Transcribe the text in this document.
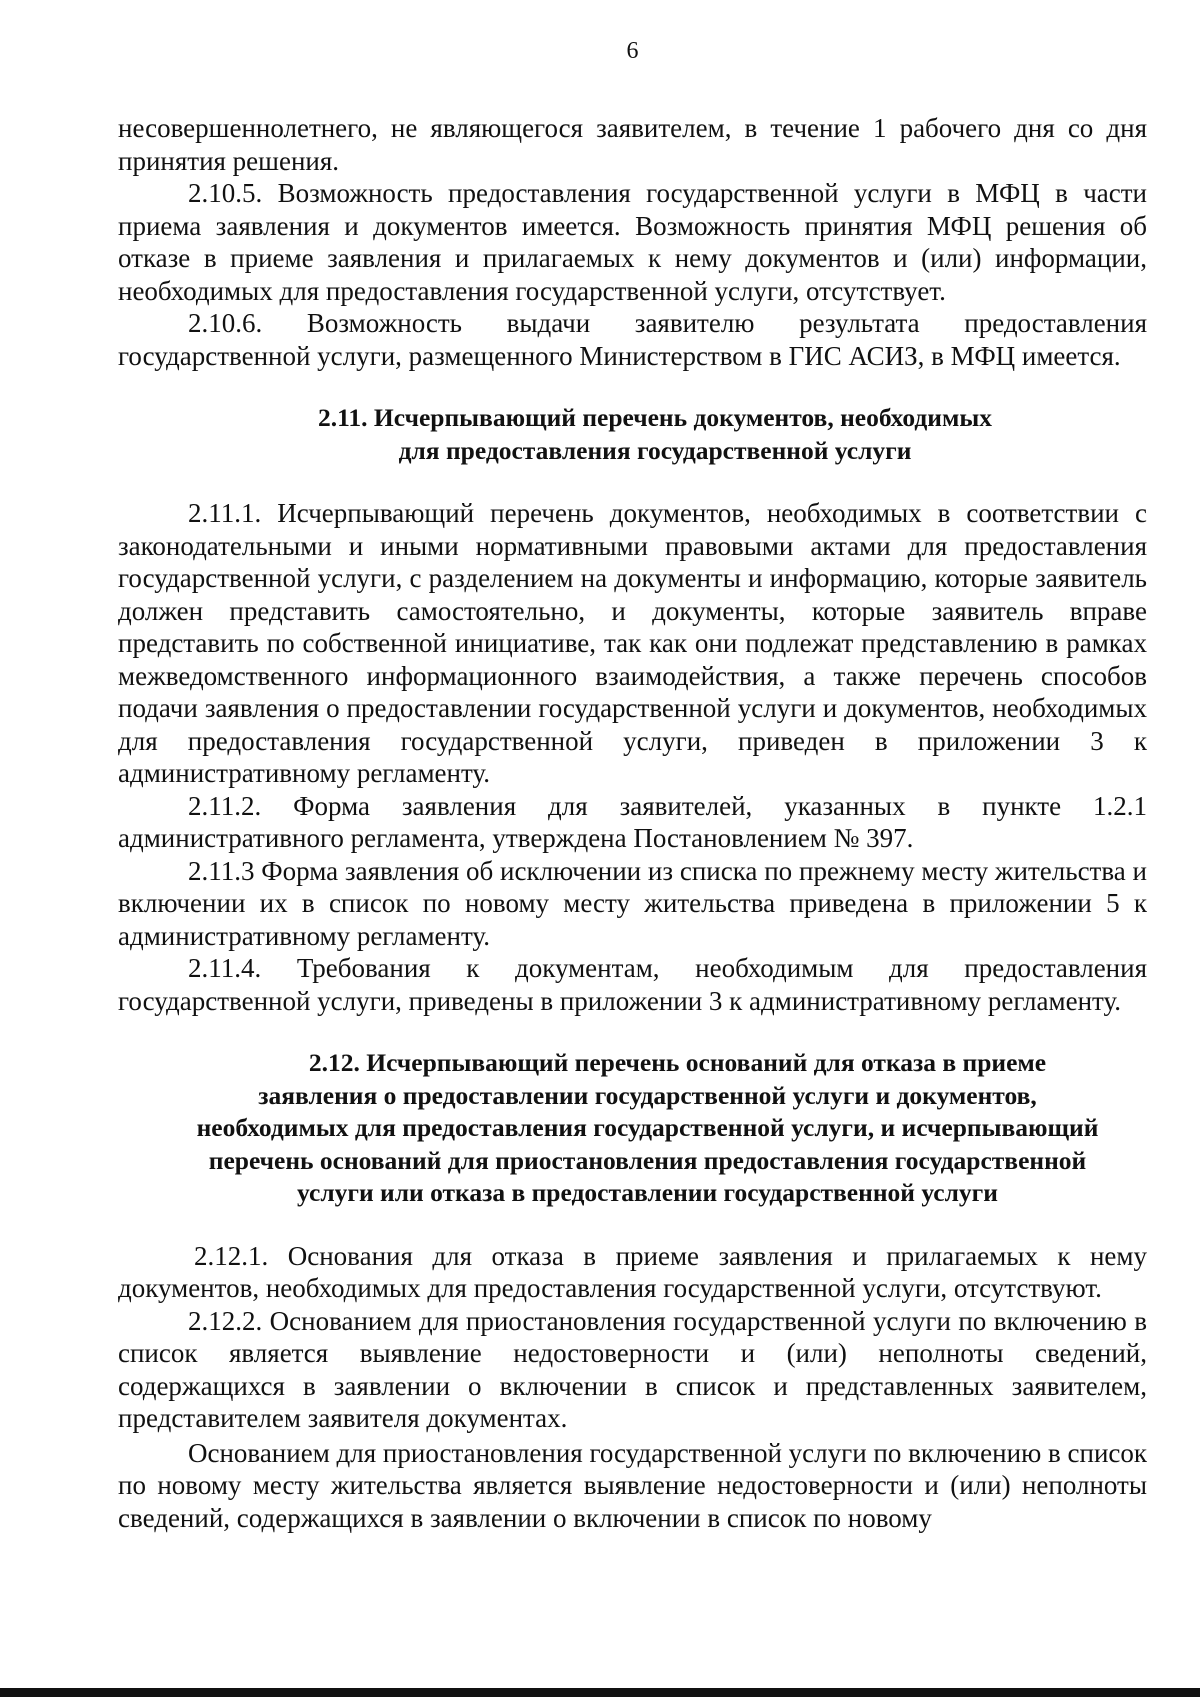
6

несовершеннолетнего, не являющегося заявителем, в течение 1 рабочего дня со дня принятия решения.

2.10.5. Возможность предоставления государственной услуги в МФЦ в части приема заявления и документов имеется. Возможность принятия МФЦ решения об отказе в приеме заявления и прилагаемых к нему документов и (или) информации, необходимых для предоставления государственной услуги, отсутствует.

2.10.6. Возможность выдачи заявителю результата предоставления государственной услуги, размещенного Министерством в ГИС АСИЗ, в МФЦ имеется.

2.11. Исчерпывающий перечень документов, необходимых
для предоставления государственной услуги

2.11.1. Исчерпывающий перечень документов, необходимых в соответствии с законодательными и иными нормативными правовыми актами для предоставления государственной услуги, с разделением на документы и информацию, которые заявитель должен представить самостоятельно, и документы, которые заявитель вправе представить по собственной инициативе, так как они подлежат представлению в рамках межведомственного информационного взаимодействия, а также перечень способов подачи заявления о предоставлении государственной услуги и документов, необходимых для предоставления государственной услуги, приведен в приложении 3 к административному регламенту.

2.11.2. Форма заявления для заявителей, указанных в пункте 1.2.1 административного регламента, утверждена Постановлением № 397.

2.11.3 Форма заявления об исключении из списка по прежнему месту жительства и включении их в список по новому месту жительства приведена в приложении 5 к административному регламенту.

2.11.4. Требования к документам, необходимым для предоставления государственной услуги, приведены в приложении 3 к административному регламенту.

2.12. Исчерпывающий перечень оснований для отказа в приеме
заявления о предоставлении государственной услуги и документов,
необходимых для предоставления государственной услуги, и исчерпывающий
перечень оснований для приостановления предоставления государственной
услуги или отказа в предоставлении государственной услуги

2.12.1. Основания для отказа в приеме заявления и прилагаемых к нему документов, необходимых для предоставления государственной услуги, отсутствуют.

2.12.2. Основанием для приостановления государственной услуги по включению в список является выявление недостоверности и (или) неполноты сведений, содержащихся в заявлении о включении в список и представленных заявителем, представителем заявителя документах.

Основанием для приостановления государственной услуги по включению в список по новому месту жительства является выявление недостоверности и (или) неполноты сведений, содержащихся в заявлении о включении в список по новому
